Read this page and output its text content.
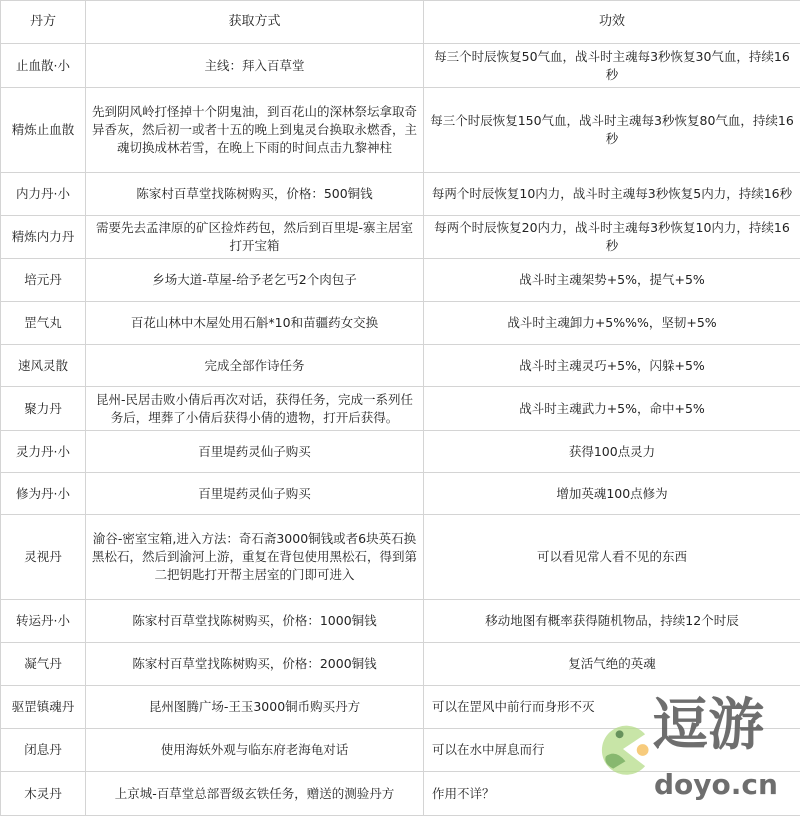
丹方	获取方式	功效
止血散·小	主线：拜入百草堂	每三个时辰恢复50气血，战斗时主魂每3秒恢复30气血，持续16秒
精炼止血散	先到阴风岭打怪掉十个阴鬼油，到百花山的深林祭坛拿取奇异香灰，然后初一或者十五的晚上到鬼灵台换取永燃香，主魂切换成林若雪，在晚上下雨的时间点击九黎神柱	每三个时辰恢复150气血，战斗时主魂每3秒恢复80气血，持续16秒
内力丹·小	陈家村百草堂找陈树购买，价格：500铜钱	每两个时辰恢复10内力，战斗时主魂每3秒恢复5内力，持续16秒
精炼内力丹	需要先去孟津原的矿区捡炸药包，然后到百里堤-寨主居室打开宝箱	每两个时辰恢复20内力，战斗时主魂每3秒恢复10内力，持续16秒
培元丹	乡场大道-草屋-给予老乞丐2个肉包子	战斗时主魂架势+5%，提气+5%
罡气丸	百花山林中木屋处用石斛*10和苗疆药女交换	战斗时主魂卸力+5%%%，坚韧+5%
速风灵散	完成全部作诗任务	战斗时主魂灵巧+5%，闪躲+5%
聚力丹	昆州-民居击败小倩后再次对话，获得任务，完成一系列任务后，埋葬了小倩后获得小倩的遗物，打开后获得。	战斗时主魂武力+5%，命中+5%
灵力丹·小	百里堤药灵仙子购买	获得100点灵力
修为丹·小	百里堤药灵仙子购买	增加英魂100点修为
灵视丹	渝谷-密室宝箱,进入方法：奇石斋3000铜钱或者6块英石换黑松石，然后到渝河上游，重复在背包使用黑松石，得到第二把钥匙打开帮主居室的门即可进入	可以看见常人看不见的东西
转运丹·小	陈家村百草堂找陈树购买，价格：1000铜钱	移动地图有概率获得随机物品，持续12个时辰
凝气丹	陈家村百草堂找陈树购买，价格：2000铜钱	复活气绝的英魂
驱罡镇魂丹	昆州图腾广场-王玉3000铜币购买丹方	可以在罡风中前行而身形不灭
闭息丹	使用海妖外观与临东府老海龟对话	可以在水中屏息而行
木灵丹	上京城-百草堂总部晋级玄铁任务，赠送的测验丹方	作用不详？
逗游
doyo.cn
